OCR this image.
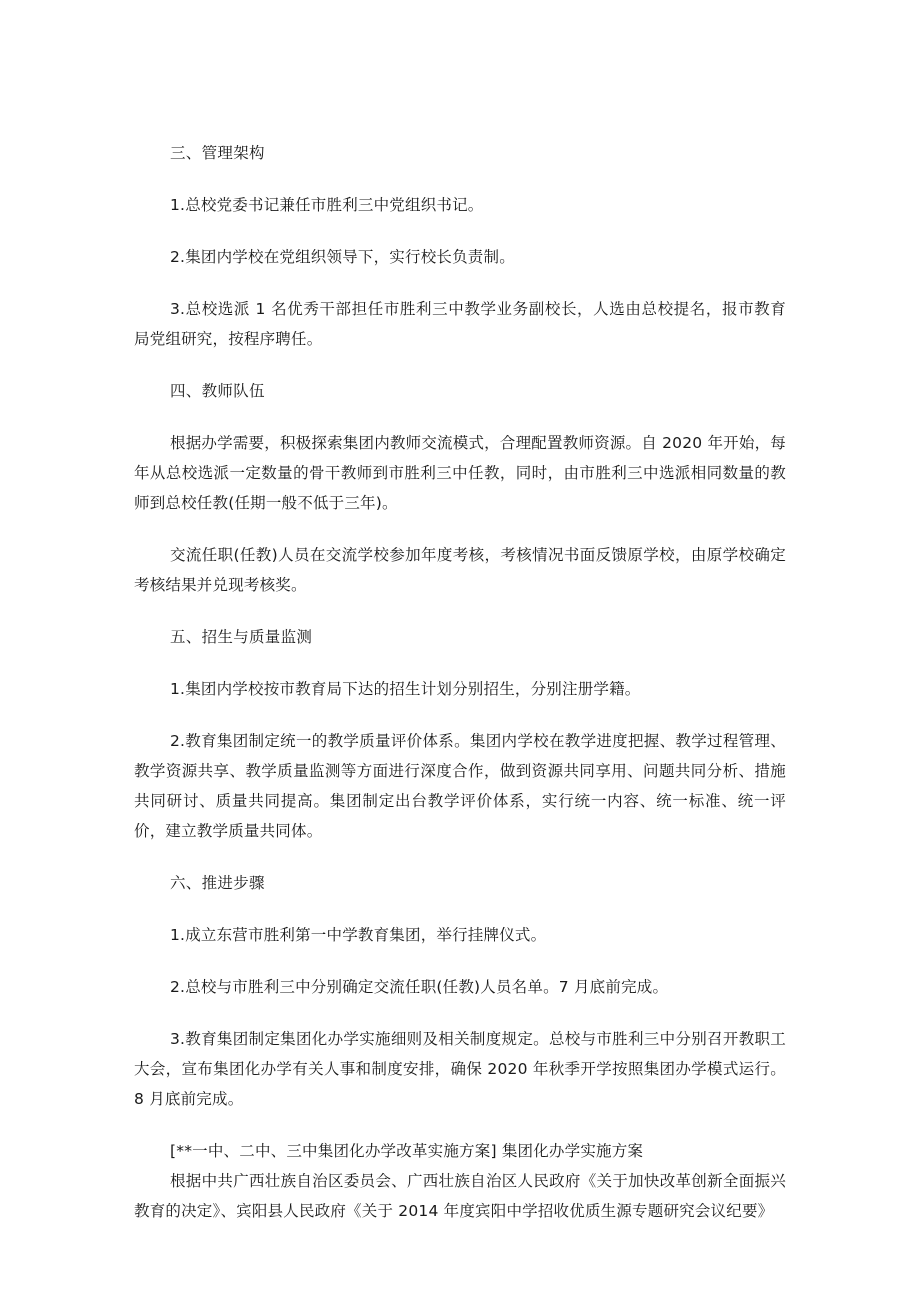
三、管理架构

1.总校党委书记兼任市胜利三中党组织书记。

2.集团内学校在党组织领导下，实行校长负责制。

3.总校选派 1 名优秀干部担任市胜利三中教学业务副校长，人选由总校提名，报市教育局党组研究，按程序聘任。

四、教师队伍

根据办学需要，积极探索集团内教师交流模式，合理配置教师资源。自 2020 年开始，每年从总校选派一定数量的骨干教师到市胜利三中任教，同时，由市胜利三中选派相同数量的教师到总校任教(任期一般不低于三年)。

交流任职(任教)人员在交流学校参加年度考核，考核情况书面反馈原学校，由原学校确定考核结果并兑现考核奖。

五、招生与质量监测

1.集团内学校按市教育局下达的招生计划分别招生，分别注册学籍。

2.教育集团制定统一的教学质量评价体系。集团内学校在教学进度把握、教学过程管理、教学资源共享、教学质量监测等方面进行深度合作，做到资源共同享用、问题共同分析、措施共同研讨、质量共同提高。集团制定出台教学评价体系，实行统一内容、统一标准、统一评价，建立教学质量共同体。

六、推进步骤

1.成立东营市胜利第一中学教育集团，举行挂牌仪式。

2.总校与市胜利三中分别确定交流任职(任教)人员名单。7 月底前完成。

3.教育集团制定集团化办学实施细则及相关制度规定。总校与市胜利三中分别召开教职工大会，宣布集团化办学有关人事和制度安排，确保 2020 年秋季开学按照集团办学模式运行。8 月底前完成。

[**一中、二中、三中集团化办学改革实施方案] 集团化办学实施方案

根据中共广西壮族自治区委员会、广西壮族自治区人民政府《关于加快改革创新全面振兴教育的决定》、宾阳县人民政府《关于 2014 年度宾阳中学招收优质生源专题研究会议纪要》
